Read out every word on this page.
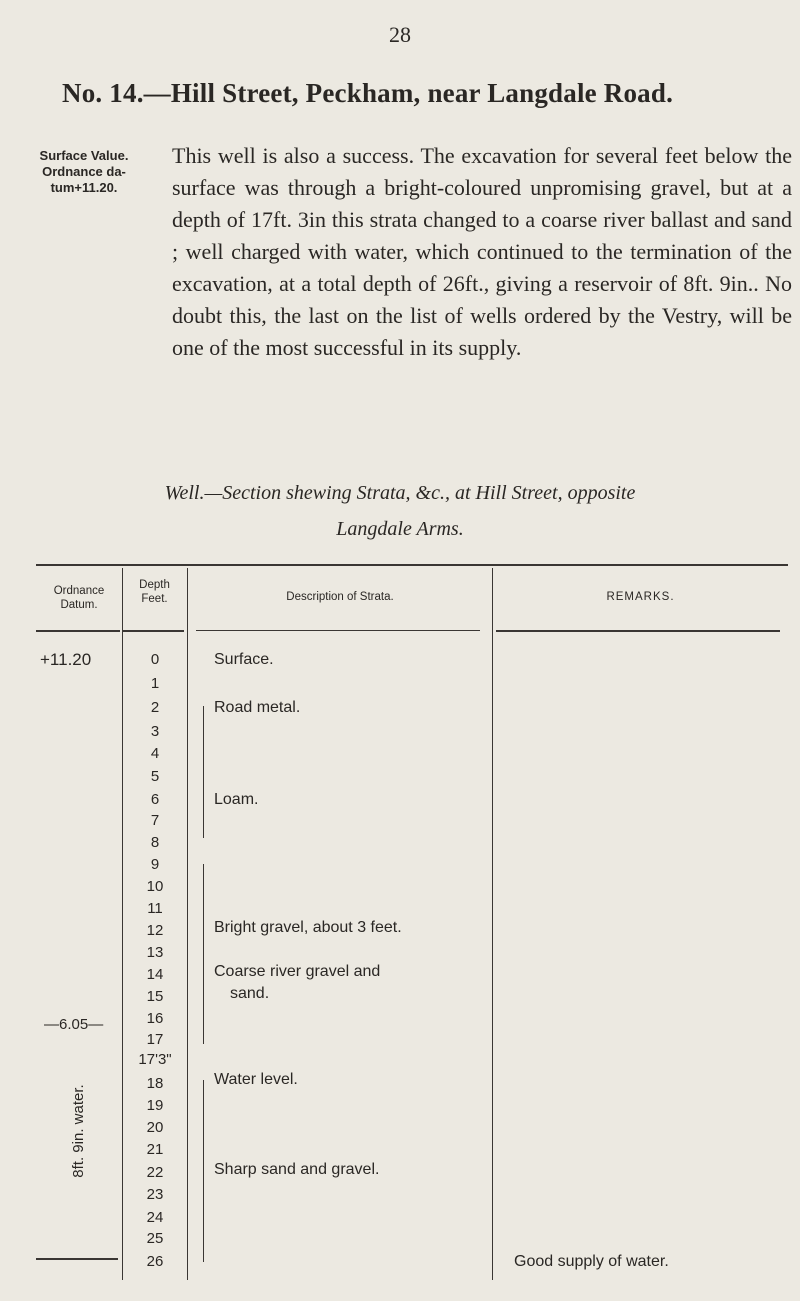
28
No. 14.—Hill Street, Peckham, near Langdale Road.
Surface Value.
Ordnance da-
tum+11.20.

This well is also a success. The excavation for several feet below the surface was through a bright-coloured unpromising gravel, but at a depth of 17ft. 3in this strata changed to a coarse river ballast and sand ; well charged with water, which continued to the termination of the excavation, at a total depth of 26ft., giving a reservoir of 8ft. 9in.. No doubt this, the last on the list of wells ordered by the Vestry, will be one of the most successful in its supply.

Well.—Section shewing Strata, &c., at Hill Street, opposite
Langdale Arms.
Ordnance
Datum.
Depth
Feet.	Description of Strata.	REMARKS.
+11.20
—6.05—
8ft. 9in. water.
0
1
2
3
4
5
6
7
8
9
10
11
12
13
14
15
16
17
17'3"
18
19
20
21
22
23
24
25
26
Surface.
Road metal.
Loam.
Bright gravel, about 3 feet.
Coarse river gravel and
sand.
Water level.
Sharp sand and gravel.
Good supply of water.
